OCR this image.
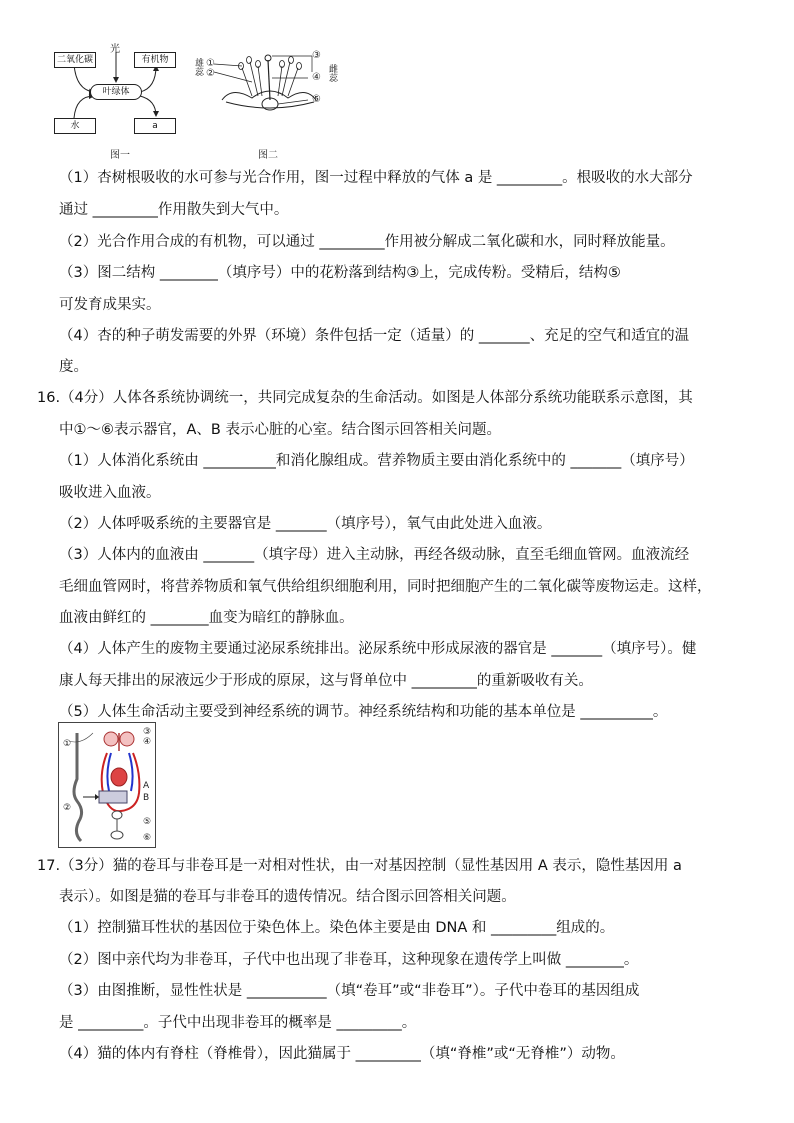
光
二氧化碳	有机物
叶绿体
水	a
图一
雄蕊 ①
②
③
④
⑤
雌蕊
图二
①
②
③
④
⑤
⑥
A
B
（1）杏树根吸收的水可参与光合作用，图一过程中释放的气体 a 是 _________。根吸收的水大部分
通过 _________作用散失到大气中。
（2）光合作用合成的有机物，可以通过 _________作用被分解成二氧化碳和水，同时释放能量。
（3）图二结构 ________（填序号）中的花粉落到结构③上，完成传粉。受精后，结构⑤
可发育成果实。
（4）杏的种子萌发需要的外界（环境）条件包括一定（适量）的 _______、充足的空气和适宜的温
度。
16.（4分）人体各系统协调统一，共同完成复杂的生命活动。如图是人体部分系统功能联系示意图，其
中①～⑥表示器官，A、B 表示心脏的心室。结合图示回答相关问题。
（1）人体消化系统由 __________和消化腺组成。营养物质主要由消化系统中的 _______（填序号）
吸收进入血液。
（2）人体呼吸系统的主要器官是 _______（填序号），氧气由此处进入血液。
（3）人体内的血液由 _______（填字母）进入主动脉，再经各级动脉，直至毛细血管网。血液流经
毛细血管网时，将营养物质和氧气供给组织细胞利用，同时把细胞产生的二氧化碳等废物运走。这样，
血液由鲜红的 ________血变为暗红的静脉血。
（4）人体产生的废物主要通过泌尿系统排出。泌尿系统中形成尿液的器官是 _______（填序号）。健
康人每天排出的尿液远少于形成的原尿，这与肾单位中 _________的重新吸收有关。
（5）人体生命活动主要受到神经系统的调节。神经系统结构和功能的基本单位是 __________。
17.（3分）猫的卷耳与非卷耳是一对相对性状，由一对基因控制（显性基因用 A 表示，隐性基因用 a
表示）。如图是猫的卷耳与非卷耳的遗传情况。结合图示回答相关问题。
（1）控制猫耳性状的基因位于染色体上。染色体主要是由 DNA 和 _________组成的。
（2）图中亲代均为非卷耳，子代中也出现了非卷耳，这种现象在遗传学上叫做 ________。
（3）由图推断，显性性状是 ___________（填“卷耳”或“非卷耳”）。子代中卷耳的基因组成
是 _________。子代中出现非卷耳的概率是 _________。
（4）猫的体内有脊柱（脊椎骨），因此猫属于 _________（填“脊椎”或“无脊椎”）动物。
